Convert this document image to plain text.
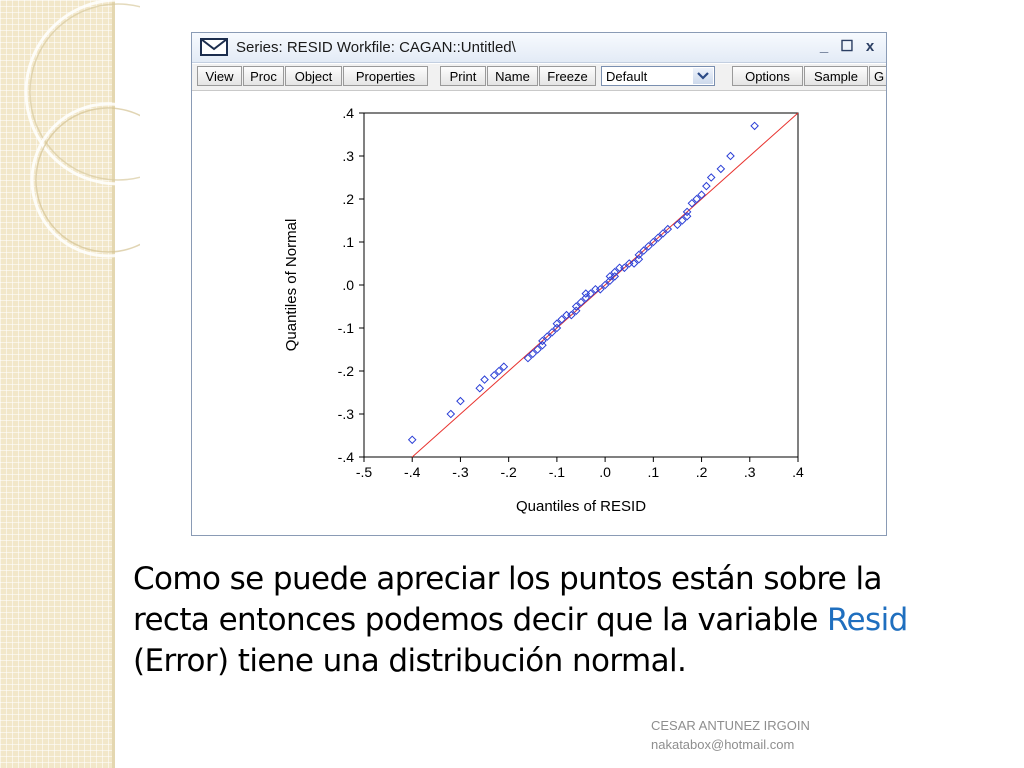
Series: RESID Workfile: CAGAN::Untitled\	_ ☐ x
View	Proc	Object	Properties	Print	Name	Freeze	Default	Options	Sample	G
-.5 -.4 -.3 -.2 -.1 .0	.1	.2	.3	.4
.4
.3
.2
.1
.0
-.1
-.2
-.3
-.4
Quantiles of RESID
Quantiles of Normal
Como se puede apreciar los puntos están sobre la
recta entonces podemos decir que la variable Resid
(Error) tiene una distribución normal.
CESAR ANTUNEZ IRGOIN
nakatabox@hotmail.com
